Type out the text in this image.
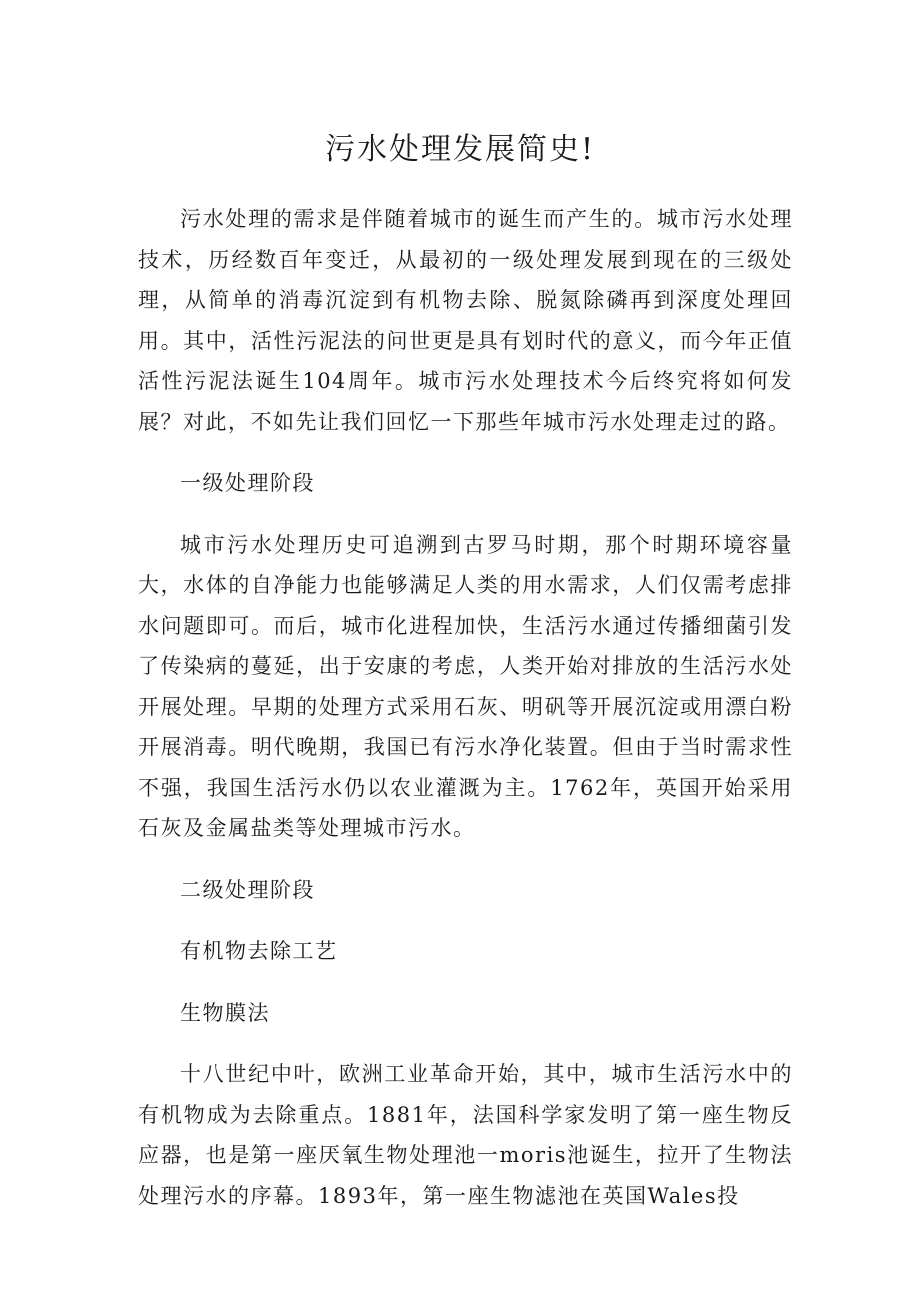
污水处理发展简史!

污水处理的需求是伴随着城市的诞生而产生的。城市污水处理技术，历经数百年变迁，从最初的一级处理发展到现在的三级处理，从简单的消毒沉淀到有机物去除、脱氮除磷再到深度处理回用。其中，活性污泥法的问世更是具有划时代的意义，而今年正值活性污泥法诞生104周年。城市污水处理技术今后终究将如何发展？对此，不如先让我们回忆一下那些年城市污水处理走过的路。

一级处理阶段

城市污水处理历史可追溯到古罗马时期，那个时期环境容量大，水体的自净能力也能够满足人类的用水需求，人们仅需考虑排水问题即可。而后，城市化进程加快，生活污水通过传播细菌引发了传染病的蔓延，出于安康的考虑，人类开始对排放的生活污水处开展处理。早期的处理方式采用石灰、明矾等开展沉淀或用漂白粉开展消毒。明代晚期，我国已有污水净化装置。但由于当时需求性不强，我国生活污水仍以农业灌溉为主。1762年，英国开始采用石灰及金属盐类等处理城市污水。

二级处理阶段

有机物去除工艺

生物膜法

十八世纪中叶，欧洲工业革命开始，其中，城市生活污水中的有机物成为去除重点。1881年，法国科学家发明了第一座生物反应器，也是第一座厌氧生物处理池一moris池诞生，拉开了生物法处理污水的序幕。1893年，第一座生物滤池在英国Wales投
